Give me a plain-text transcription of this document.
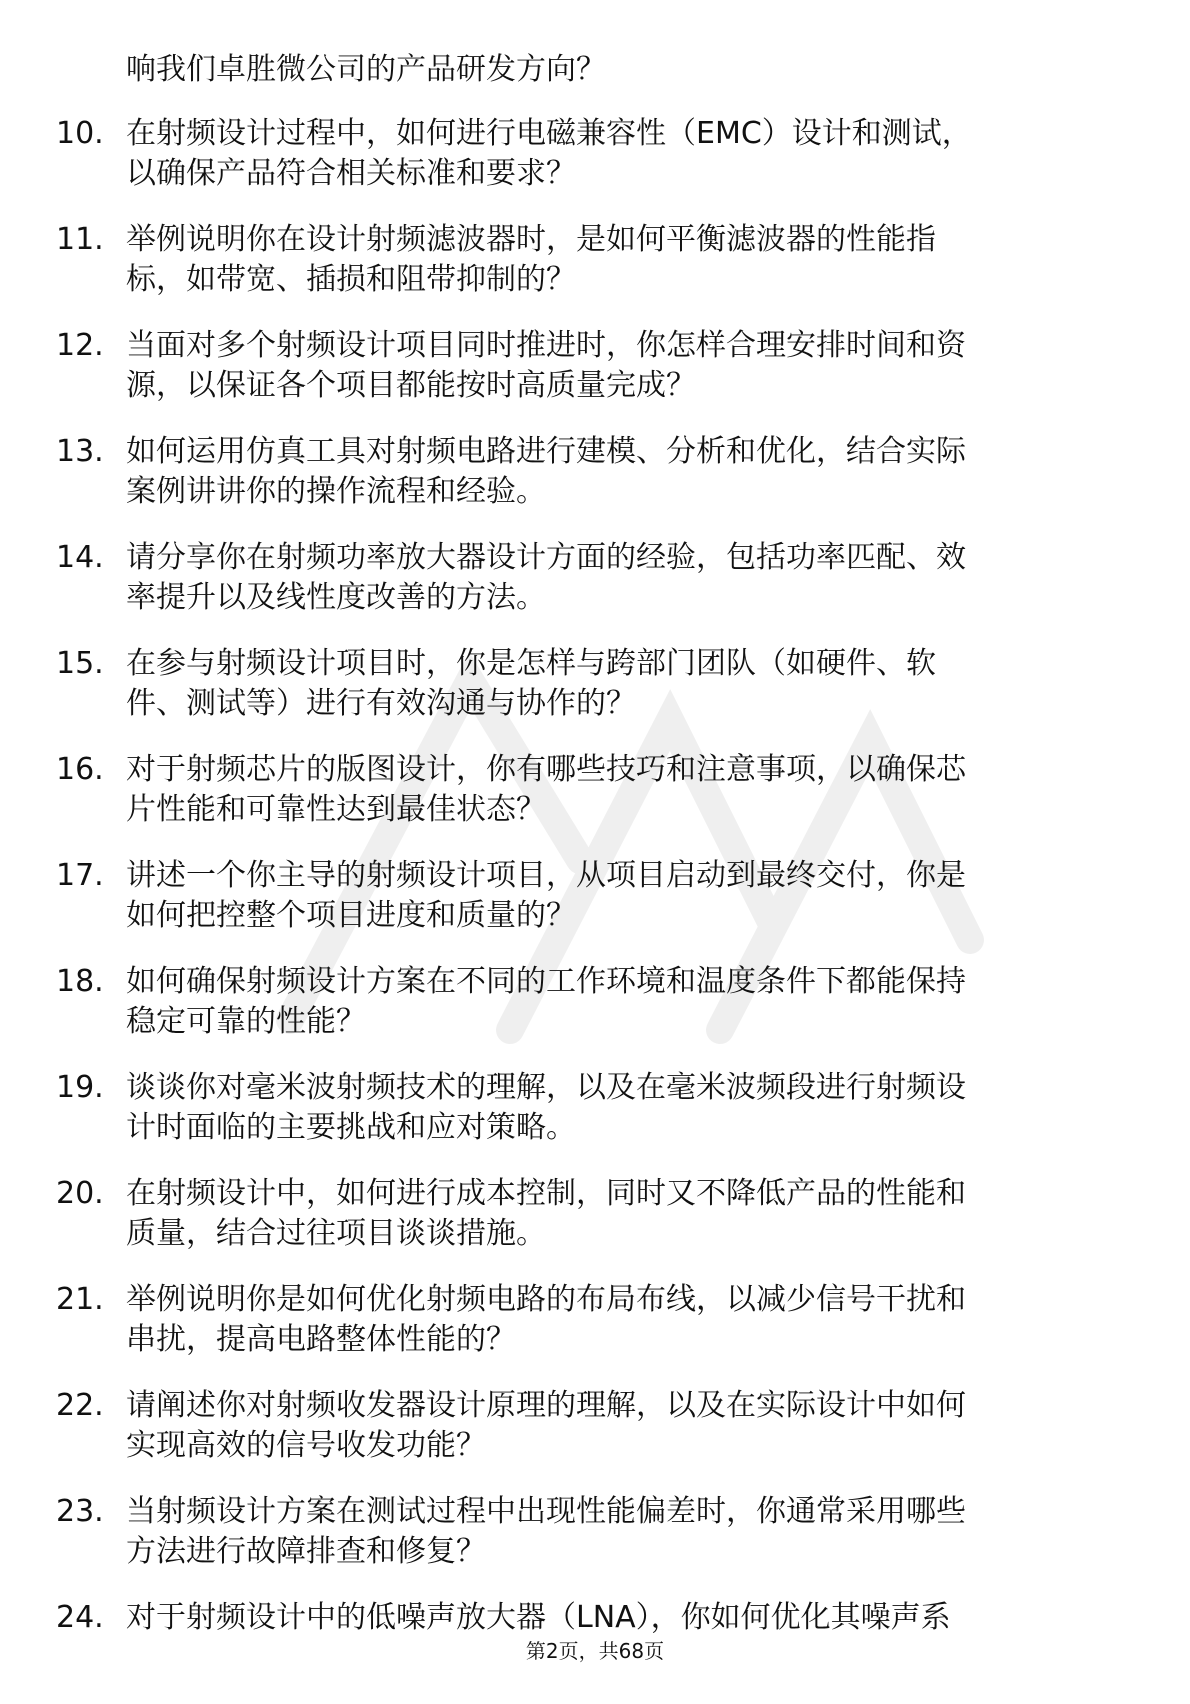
响我们卓胜微公司的产品研发方向？
10. 在射频设计过程中，如何进行电磁兼容性（EMC）设计和测试，
以确保产品符合相关标准和要求？
11. 举例说明你在设计射频滤波器时，是如何平衡滤波器的性能指
标，如带宽、插损和阻带抑制的？
12. 当面对多个射频设计项目同时推进时，你怎样合理安排时间和资
源，以保证各个项目都能按时高质量完成？
13. 如何运用仿真工具对射频电路进行建模、分析和优化，结合实际
案例讲讲你的操作流程和经验。
14. 请分享你在射频功率放大器设计方面的经验，包括功率匹配、效
率提升以及线性度改善的方法。
15. 在参与射频设计项目时，你是怎样与跨部门团队（如硬件、软
件、测试等）进行有效沟通与协作的？
16. 对于射频芯片的版图设计，你有哪些技巧和注意事项，以确保芯
片性能和可靠性达到最佳状态？
17. 讲述一个你主导的射频设计项目，从项目启动到最终交付，你是
如何把控整个项目进度和质量的？
18. 如何确保射频设计方案在不同的工作环境和温度条件下都能保持
稳定可靠的性能？
19. 谈谈你对毫米波射频技术的理解，以及在毫米波频段进行射频设
计时面临的主要挑战和应对策略。
20. 在射频设计中，如何进行成本控制，同时又不降低产品的性能和
质量，结合过往项目谈谈措施。
21. 举例说明你是如何优化射频电路的布局布线，以减少信号干扰和
串扰，提高电路整体性能的？
22. 请阐述你对射频收发器设计原理的理解，以及在实际设计中如何
实现高效的信号收发功能？
23. 当射频设计方案在测试过程中出现性能偏差时，你通常采用哪些
方法进行故障排查和修复？
24. 对于射频设计中的低噪声放大器（LNA），你如何优化其噪声系
第2页，共68页
